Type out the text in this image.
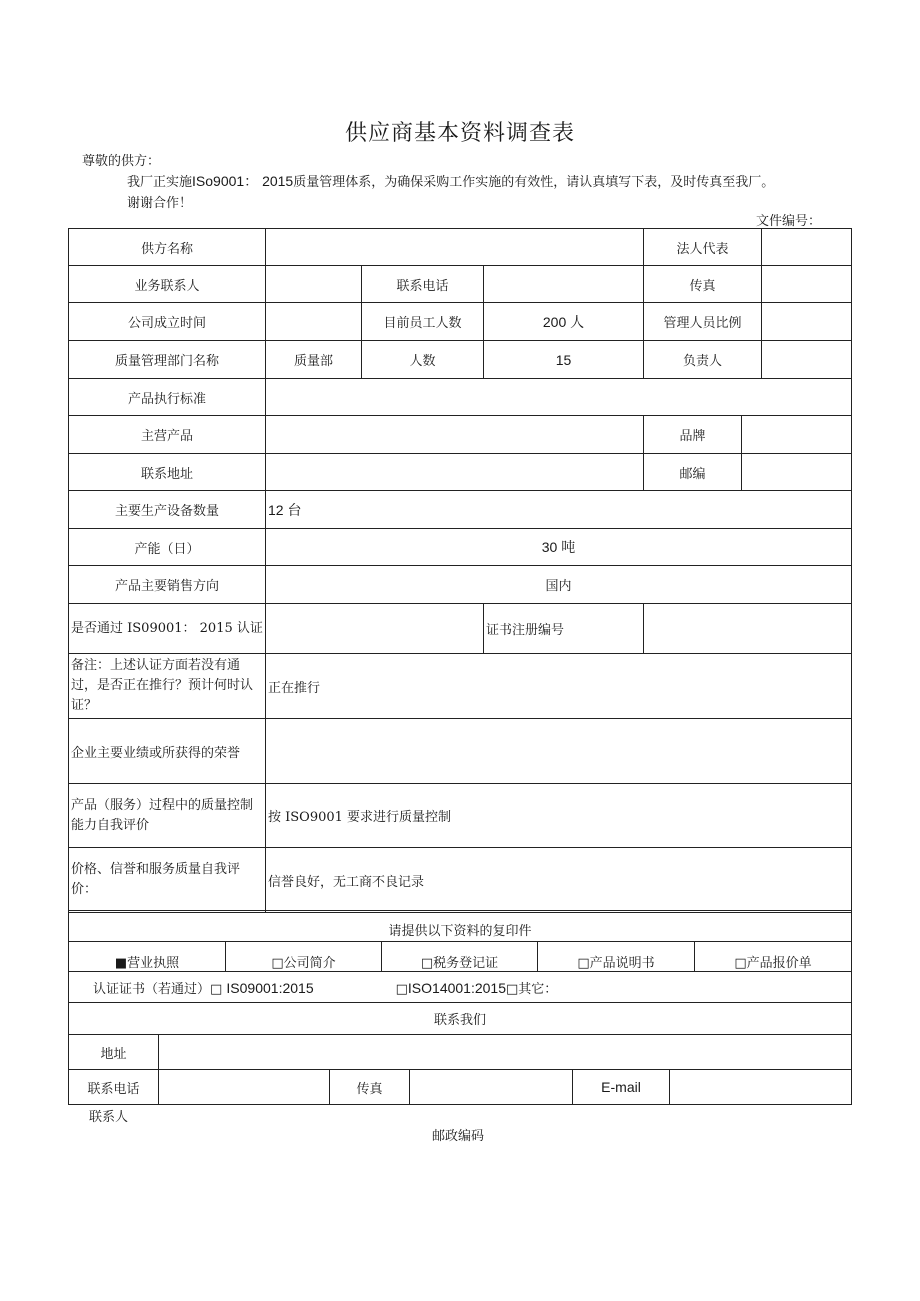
供应商基本资料调查表
尊敬的供方：
我厂正实施ISo9001： 2015质量管理体系，为确保采购工作实施的有效性，请认真填写下表，及时传真至我厂。
谢谢合作！
文件编号：
供方名称				法人代表		
业务联系人		联系电话		传真		
公司成立时间		目前员工人数	200 人	管理人员比例		
质量管理部门名称	质量部	人数	15	负责人		
产品执行标准						
主营产品				品牌		
联系地址				邮编		
主要生产设备数量	12 台					
产能（日）	30 吨					
产品主要销售方向	国内					
是否通过 IS09001： 2015 认证			证书注册编号			
备注：上述认证方面若没有通过，是否正在推行？预计何时认证？	正在推行					
企业主要业绩或所获得的荣誉						
产品（服务）过程中的质量控制能力自我评价	按 ISO9001 要求进行质量控制					
价格、信誉和服务质量自我评价：	信誉良好，无工商不良记录					
请提供以下资料的复印件
■营业执照	□公司简介	□税务登记证	□产品说明书	□产品报价单
认证证书（若通过）□ IS09001:2015	□ISO14001:2015□其它：
联系我们
地址					
联系电话		传真		E-mail	
联系人
邮政编码
